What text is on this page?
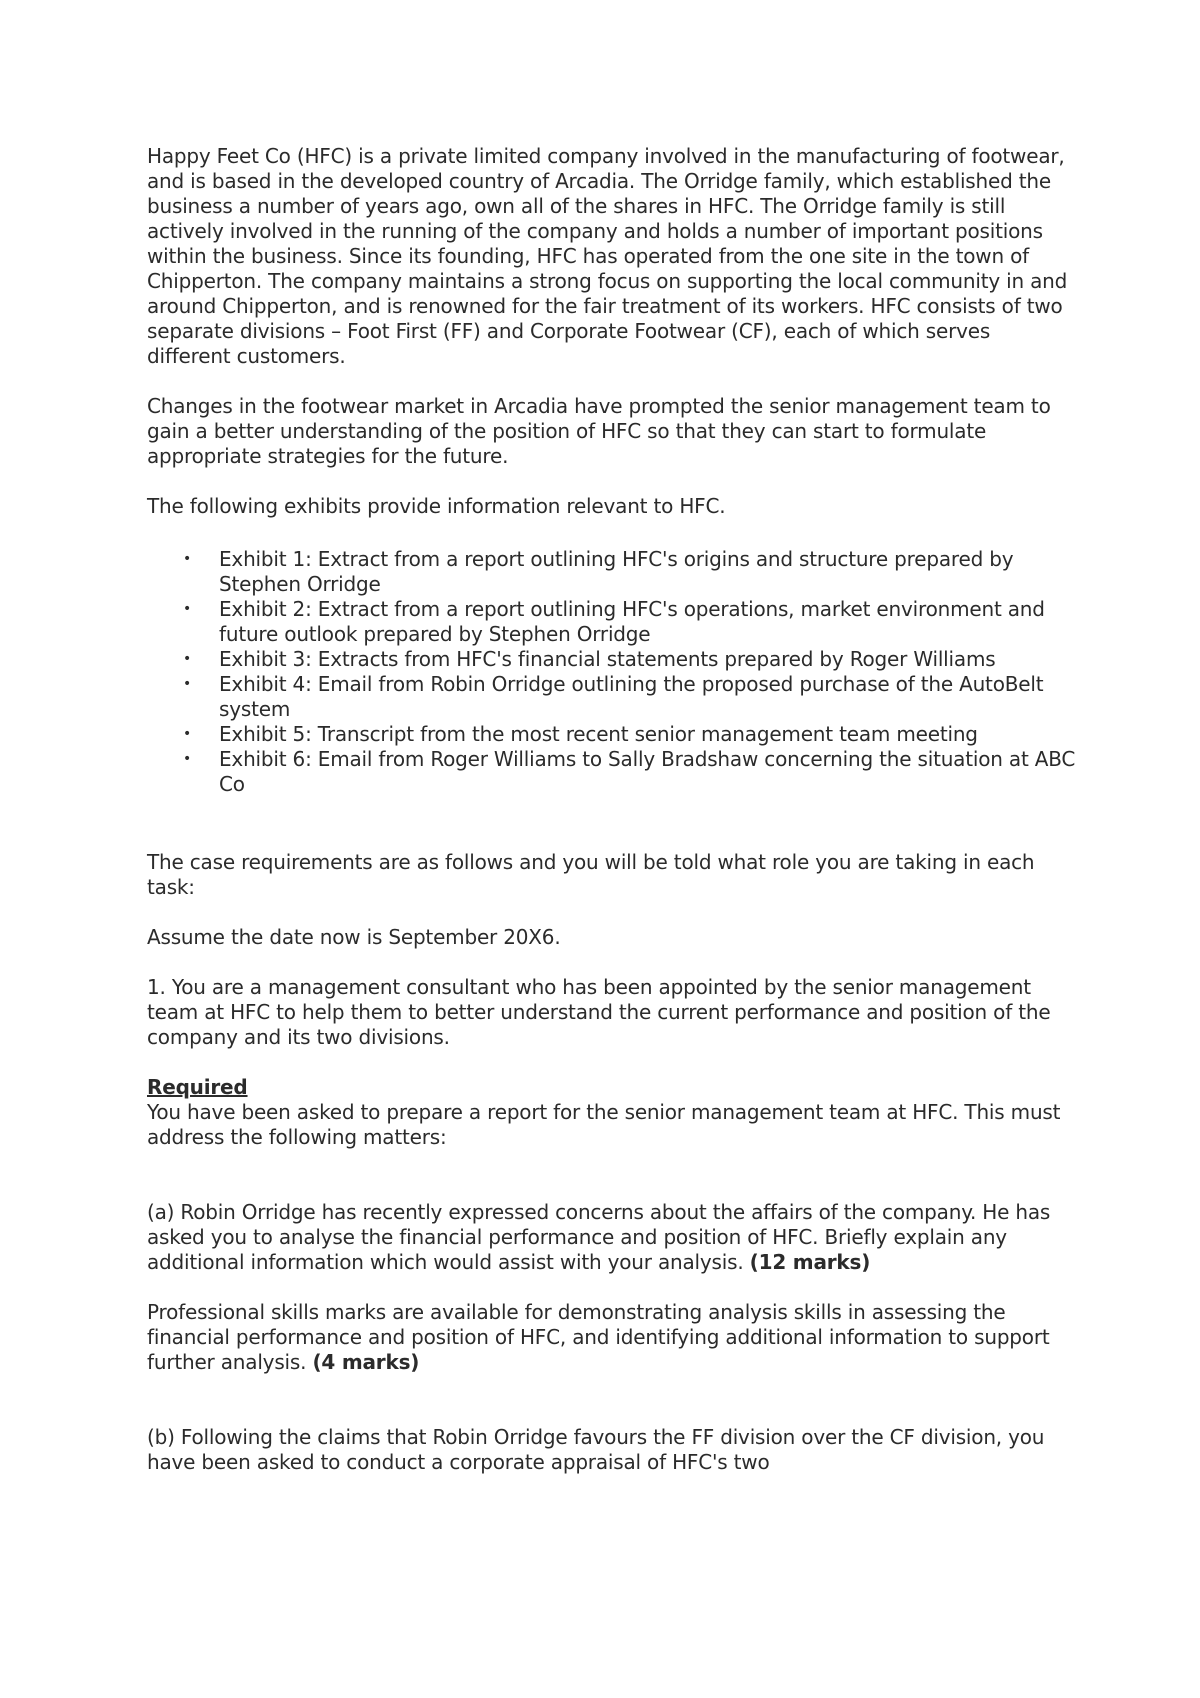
Happy Feet Co (HFC) is a private limited company involved in the manufacturing of footwear, and is based in the developed country of Arcadia. The Orridge family, which established the business a number of years ago, own all of the shares in HFC. The Orridge family is still actively involved in the running of the company and holds a number of important positions within the business. Since its founding, HFC has operated from the one site in the town of Chipperton. The company maintains a strong focus on supporting the local community in and around Chipperton, and is renowned for the fair treatment of its workers. HFC consists of two separate divisions – Foot First (FF) and Corporate Footwear (CF), each of which serves different customers.

Changes in the footwear market in Arcadia have prompted the senior management team to gain a better understanding of the position of HFC so that they can start to formulate appropriate strategies for the future.

The following exhibits provide information relevant to HFC.

• Exhibit 1: Extract from a report outlining HFC's origins and structure prepared by Stephen Orridge
• Exhibit 2: Extract from a report outlining HFC's operations, market environment and future outlook prepared by Stephen Orridge
• Exhibit 3: Extracts from HFC's financial statements prepared by Roger Williams
• Exhibit 4: Email from Robin Orridge outlining the proposed purchase of the AutoBelt system
• Exhibit 5: Transcript from the most recent senior management team meeting
• Exhibit 6: Email from Roger Williams to Sally Bradshaw concerning the situation at ABC Co

The case requirements are as follows and you will be told what role you are taking in each task:

Assume the date now is September 20X6.

1. You are a management consultant who has been appointed by the senior management team at HFC to help them to better understand the current performance and position of the company and its two divisions.

Required

You have been asked to prepare a report for the senior management team at HFC. This must address the following matters:

(a) Robin Orridge has recently expressed concerns about the affairs of the company. He has asked you to analyse the financial performance and position of HFC. Briefly explain any additional information which would assist with your analysis. (12 marks)

Professional skills marks are available for demonstrating analysis skills in assessing the financial performance and position of HFC, and identifying additional information to support further analysis. (4 marks)

(b) Following the claims that Robin Orridge favours the FF division over the CF division, you have been asked to conduct a corporate appraisal of HFC's two
